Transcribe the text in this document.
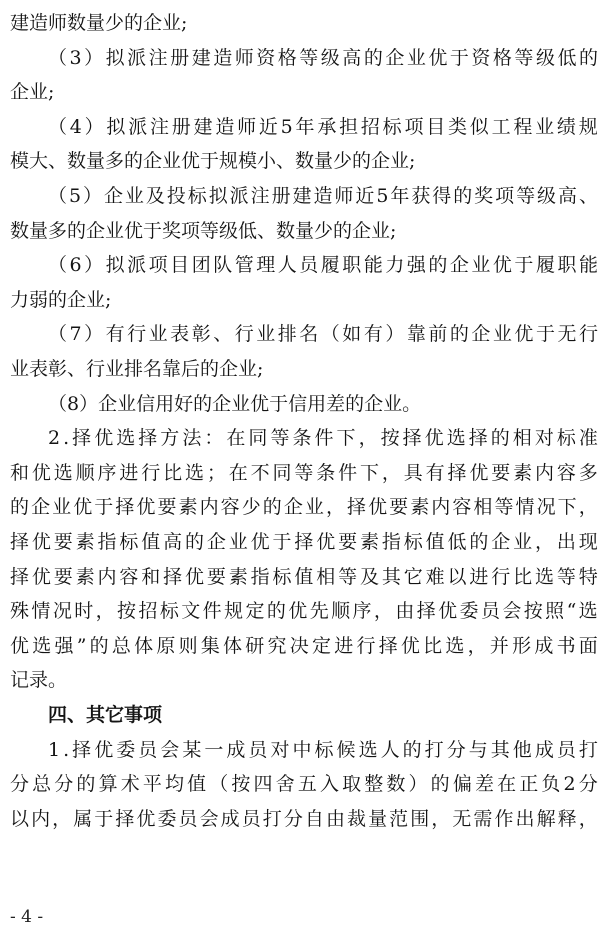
建造师数量少的企业;
（ 3 ） 拟 派 注 册 建 造 师 资 格 等 级 高 的 企 业 优 于 资 格 等 级 低 的
企业;
（ 4 ） 拟 派 注 册 建 造 师 近 5 年 承 担 招 标 项 目 类 似 工 程 业 绩 规
模大、数量多的企业优于规模小、数量少的企业;
（ 5 ） 企 业 及 投 标 拟 派 注 册 建 造 师 近 5 年 获 得 的 奖 项 等 级 高 、
数量多的企业优于奖项等级低、数量少的企业;
（ 6 ） 拟 派 项 目 团 队 管 理 人 员 履 职 能 力 强 的 企 业 优 于 履 职 能
力弱的企业;
（ 7 ） 有 行 业 表 彰 、 行 业 排 名 （ 如 有 ） 靠 前 的 企 业 优 于 无 行
业表彰、行业排名靠后的企业;
（8）企业信用好的企业优于信用差的企业。
2 . 择 优 选 择 方 法 ： 在 同 等 条 件 下 ， 按 择 优 选 择 的 相 对 标 准
和 优 选 顺 序 进 行 比 选 ； 在 不 同 等 条 件 下 ， 具 有 择 优 要 素 内 容 多
的 企 业 优 于 择 优 要 素 内 容 少 的 企 业 ， 择 优 要 素 内 容 相 等 情 况 下 ，
择 优 要 素 指 标 值 高 的 企 业 优 于 择 优 要 素 指 标 值 低 的 企 业 ， 出 现
择 优 要 素 内 容 和 择 优 要 素 指 标 值 相 等 及 其 它 难 以 进 行 比 选 等 特
殊 情 况 时 ， 按 招 标 文 件 规 定 的 优 先 顺 序 ， 由 择 优 委 员 会 按 照 “ 选
优 选 强 ” 的 总 体 原 则 集 体 研 究 决 定 进 行 择 优 比 选 ， 并 形 成 书 面
记录。
四、其它事项
1 . 择 优 委 员 会 某 一 成 员 对 中 标 候 选 人 的 打 分 与 其 他 成 员 打
分 总 分 的 算 术 平 均 值 （ 按 四 舍 五 入 取 整 数 ） 的 偏 差 在 正 负 2 分
以 内 ， 属 于 择 优 委 员 会 成 员 打 分 自 由 裁 量 范 围 ， 无 需 作 出 解 释 ，
- 4 -
